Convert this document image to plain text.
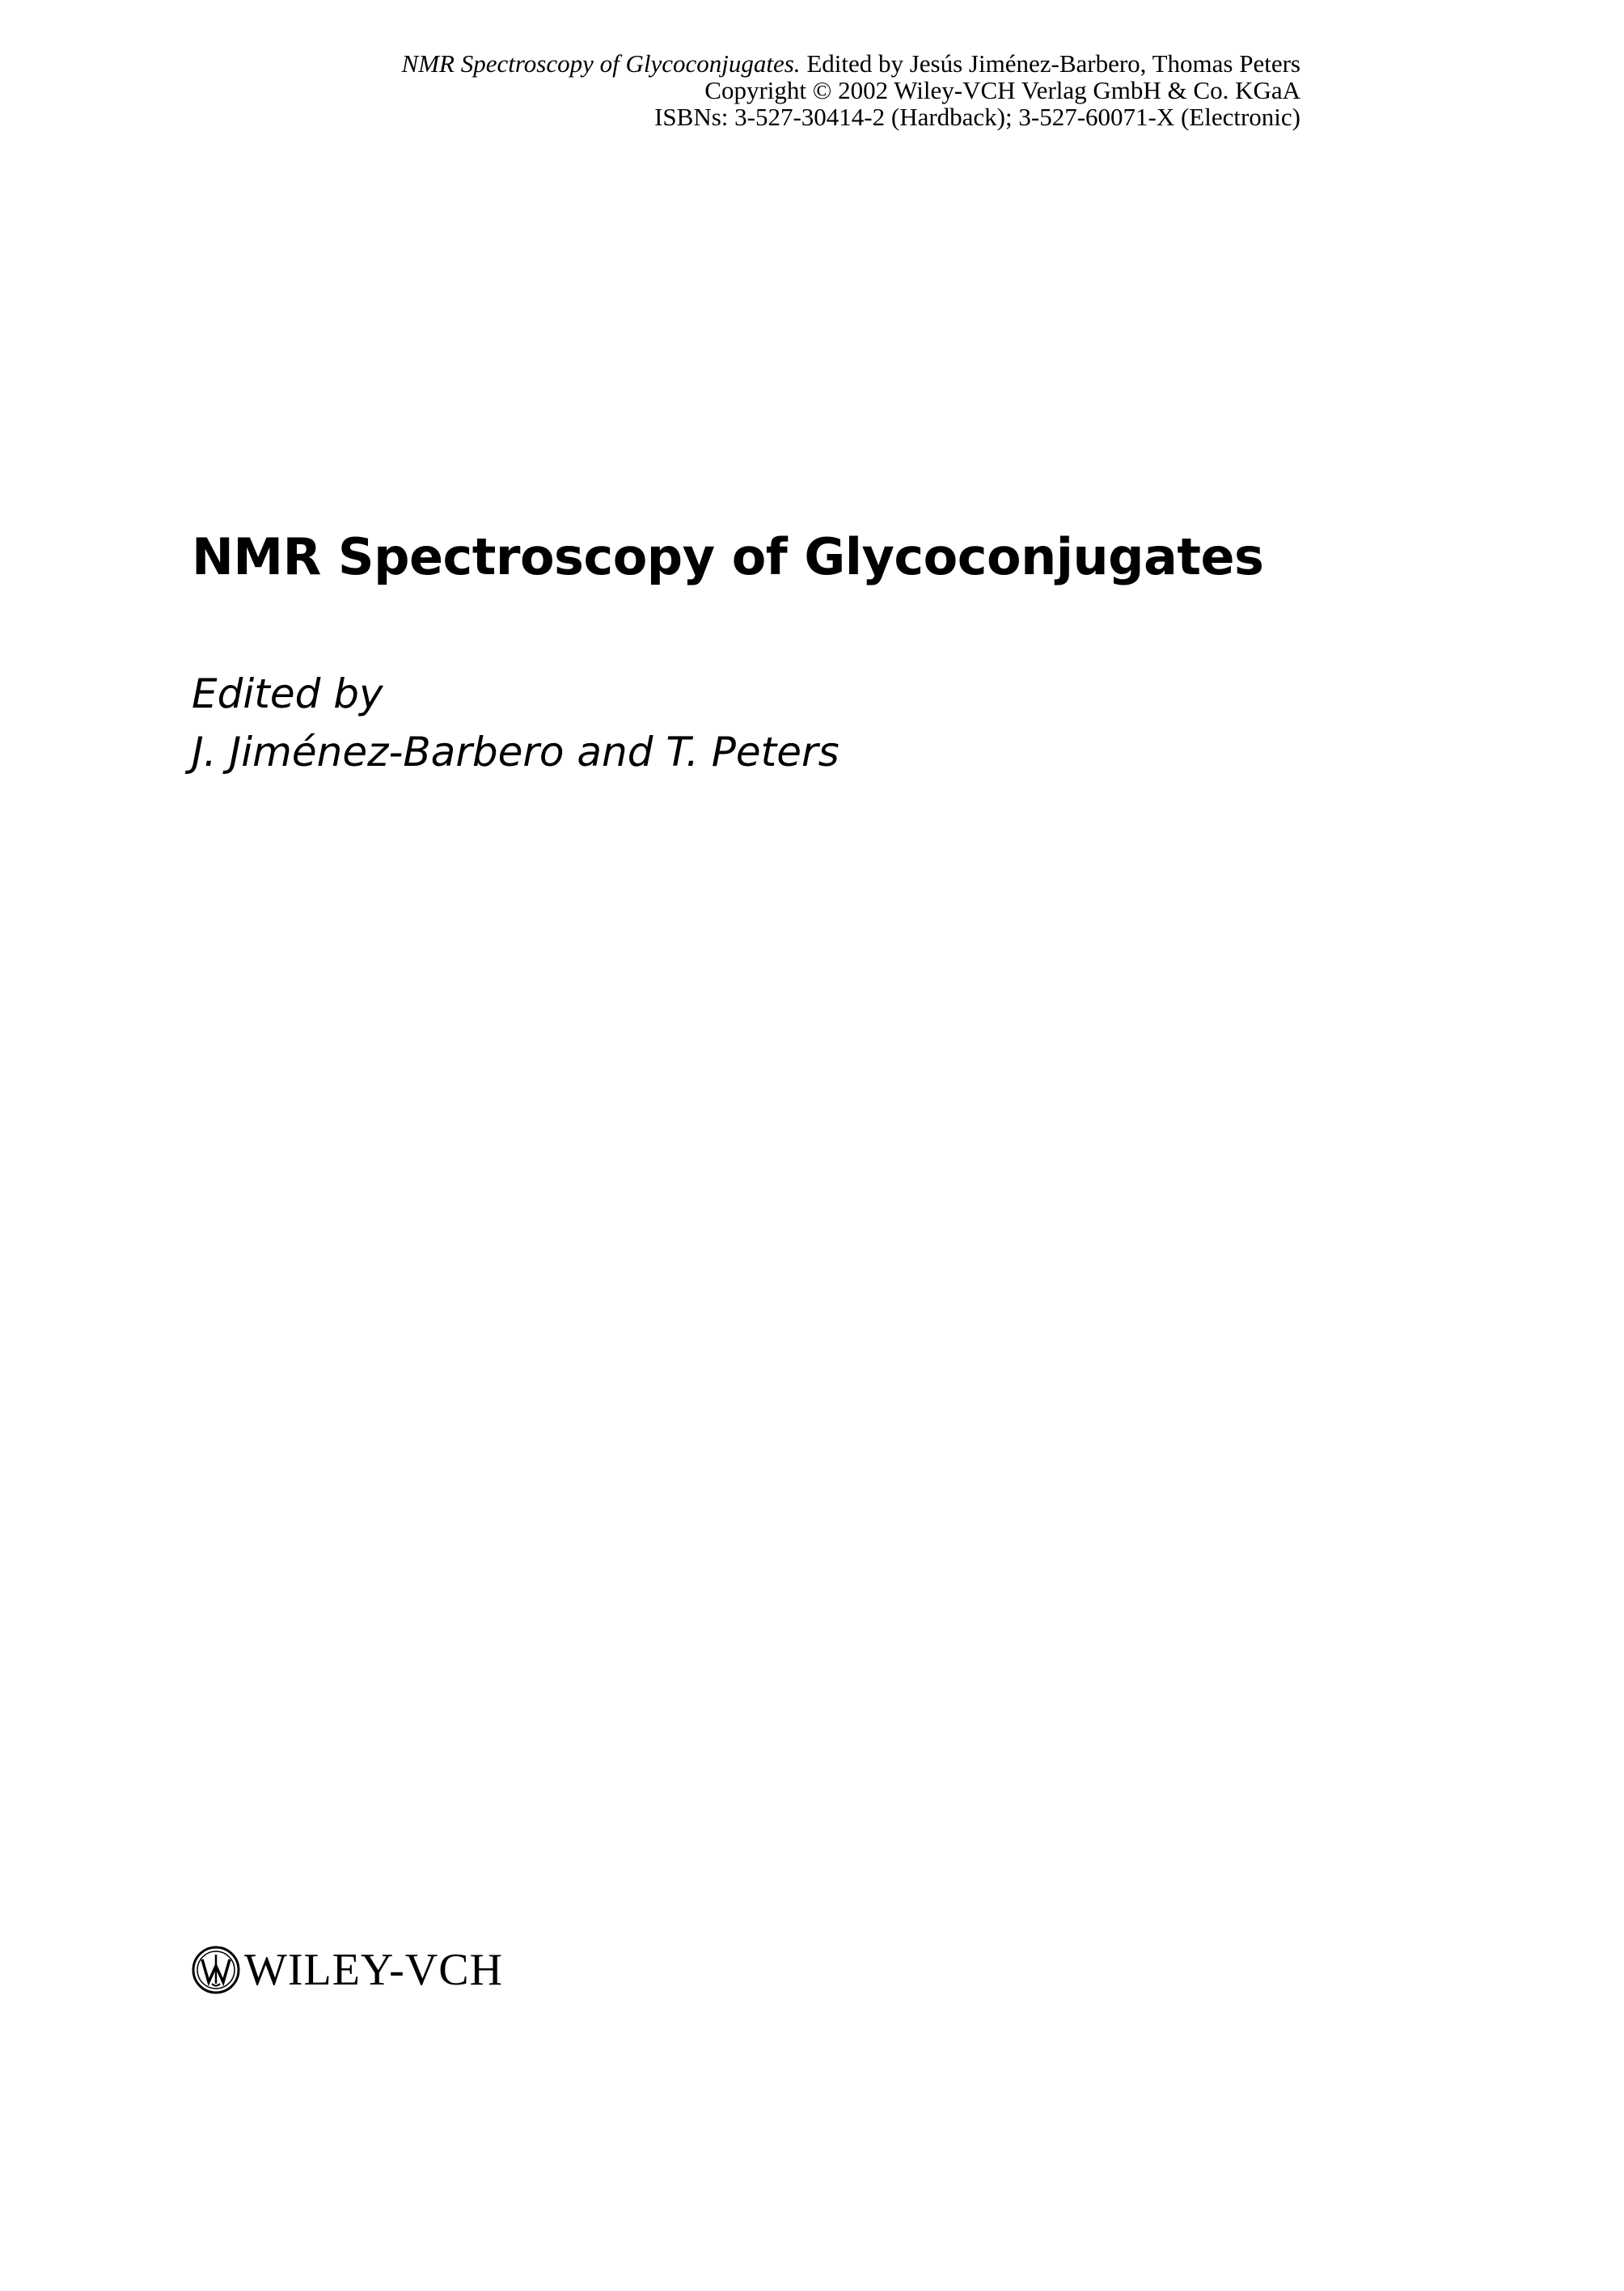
NMR Spectroscopy of Glycoconjugates. Edited by Jesús Jiménez-Barbero, Thomas Peters
Copyright © 2002 Wiley-VCH Verlag GmbH & Co. KGaA
ISBNs: 3-527-30414-2 (Hardback); 3-527-60071-X (Electronic)
NMR Spectroscopy of Glycoconjugates
Edited by
J. Jiménez-Barbero and T. Peters
WILEY-VCH
